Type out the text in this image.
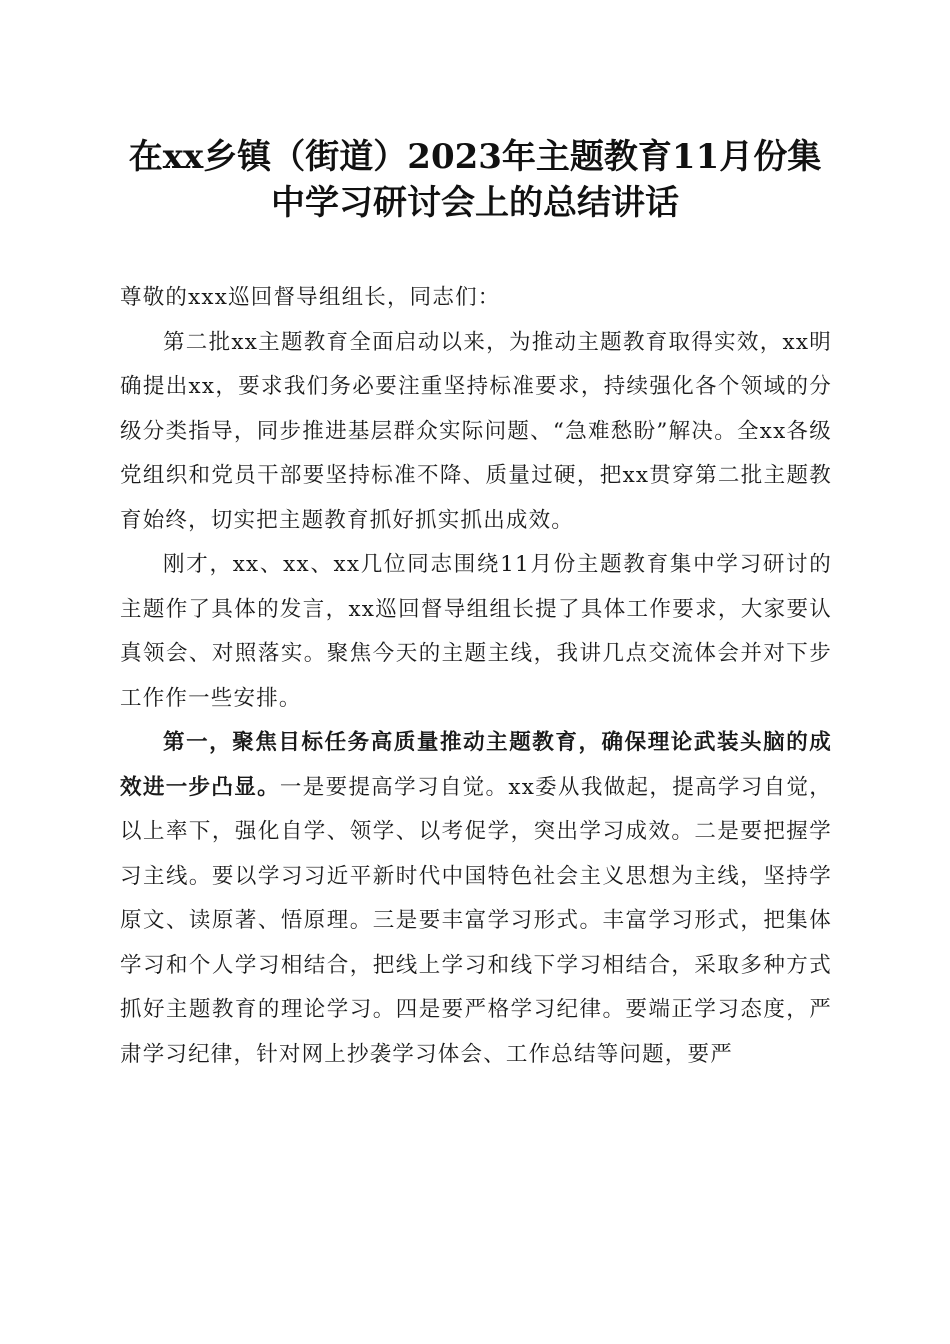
在xx乡镇（街道）2023年主题教育11月份集
中学习研讨会上的总结讲话

尊敬的xxx巡回督导组组长，同志们：

第二批xx主题教育全面启动以来，为推动主题教育取得实效，xx明确提出xx，要求我们务必要注重坚持标准要求，持续强化各个领域的分级分类指导，同步推进基层群众实际问题、“急难愁盼”解决。全xx各级党组织和党员干部要坚持标准不降、质量过硬，把xx贯穿第二批主题教育始终，切实把主题教育抓好抓实抓出成效。

刚才，xx、xx、xx几位同志围绕11月份主题教育集中学习研讨的主题作了具体的发言，xx巡回督导组组长提了具体工作要求，大家要认真领会、对照落实。聚焦今天的主题主线，我讲几点交流体会并对下步工作作一些安排。

第一，聚焦目标任务高质量推动主题教育，确保理论武装头脑的成效进一步凸显。一是要提高学习自觉。xx委从我做起，提高学习自觉，以上率下，强化自学、领学、以考促学，突出学习成效。二是要把握学习主线。要以学习习近平新时代中国特色社会主义思想为主线，坚持学原文、读原著、悟原理。三是要丰富学习形式。丰富学习形式，把集体学习和个人学习相结合，把线上学习和线下学习相结合，采取多种方式抓好主题教育的理论学习。四是要严格学习纪律。要端正学习态度，严肃学习纪律，针对网上抄袭学习体会、工作总结等问题，要严
